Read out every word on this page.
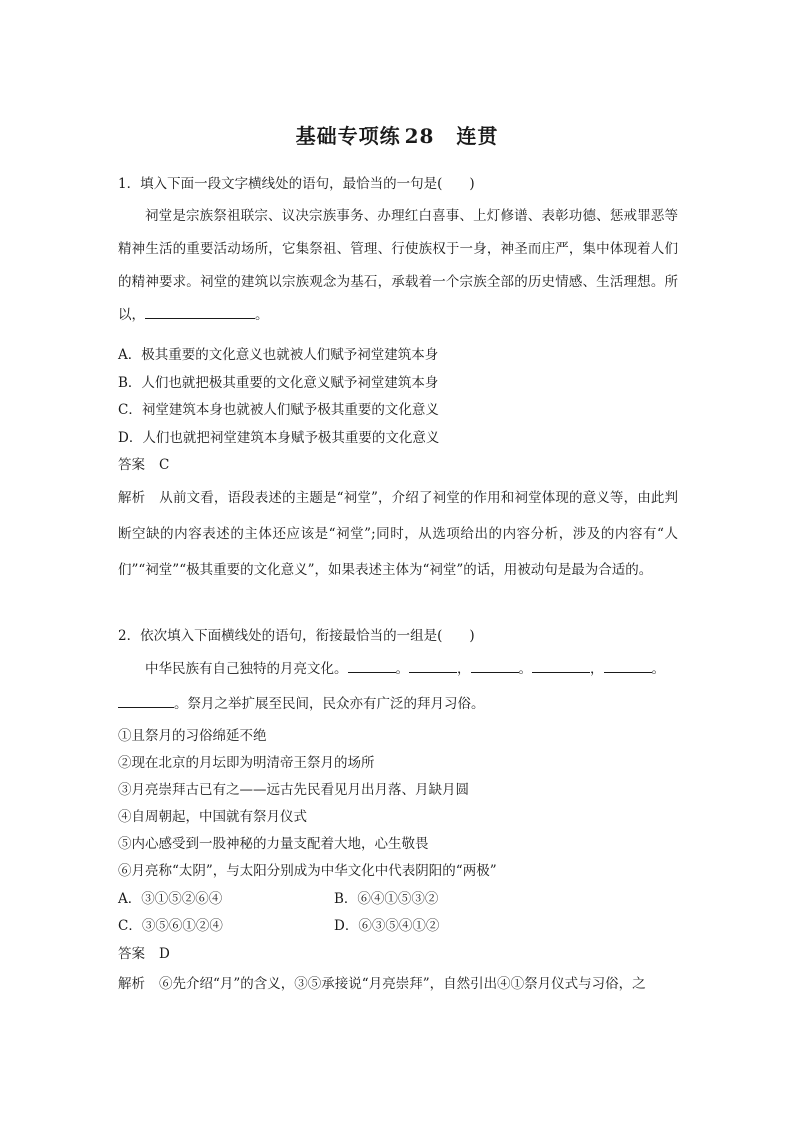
基础专项练 28 连贯
1．填入下面一段文字横线处的语句，最恰当的一句是(　　)
祠堂是宗族祭祖联宗、议决宗族事务、办理红白喜事、上灯修谱、表彰功德、惩戒罪恶等精神生活的重要活动场所，它集祭祖、管理、行使族权于一身，神圣而庄严，集中体现着人们的精神要求。祠堂的建筑以宗族观念为基石，承载着一个宗族全部的历史情感、生活理想。所以，	。
A．极其重要的文化意义也就被人们赋予祠堂建筑本身
B．人们也就把极其重要的文化意义赋予祠堂建筑本身
C．祠堂建筑本身也就被人们赋予极其重要的文化意义
D．人们也就把祠堂建筑本身赋予极其重要的文化意义
答案 C
解析 从前文看，语段表述的主题是“祠堂”，介绍了祠堂的作用和祠堂体现的意义等，由此判断空缺的内容表述的主体还应该是“祠堂”;同时，从选项给出的内容分析，涉及的内容有“人们”“祠堂”“极其重要的文化意义”，如果表述主体为“祠堂”的话，用被动句是最为合适的。
2．依次填入下面横线处的语句，衔接最恰当的一组是(　　)
中华民族有自己独特的月亮文化。	。	，	。	，	。
。祭月之举扩展至民间，民众亦有广泛的拜月习俗。
①且祭月的习俗绵延不绝
②现在北京的月坛即为明清帝王祭月的场所
③月亮崇拜古已有之——远古先民看见月出月落、月缺月圆
④自周朝起，中国就有祭月仪式
⑤内心感受到一股神秘的力量支配着大地，心生敬畏
⑥月亮称“太阴”，与太阳分别成为中华文化中代表阴阳的“两极”
A．③①⑤②⑥④	B．⑥④①⑤③②
C．③⑤⑥①②④	D．⑥③⑤④①②
答案 D
解析 ⑥先介绍“月”的含义，③⑤承接说“月亮崇拜”，自然引出④①祭月仪式与习俗，之
